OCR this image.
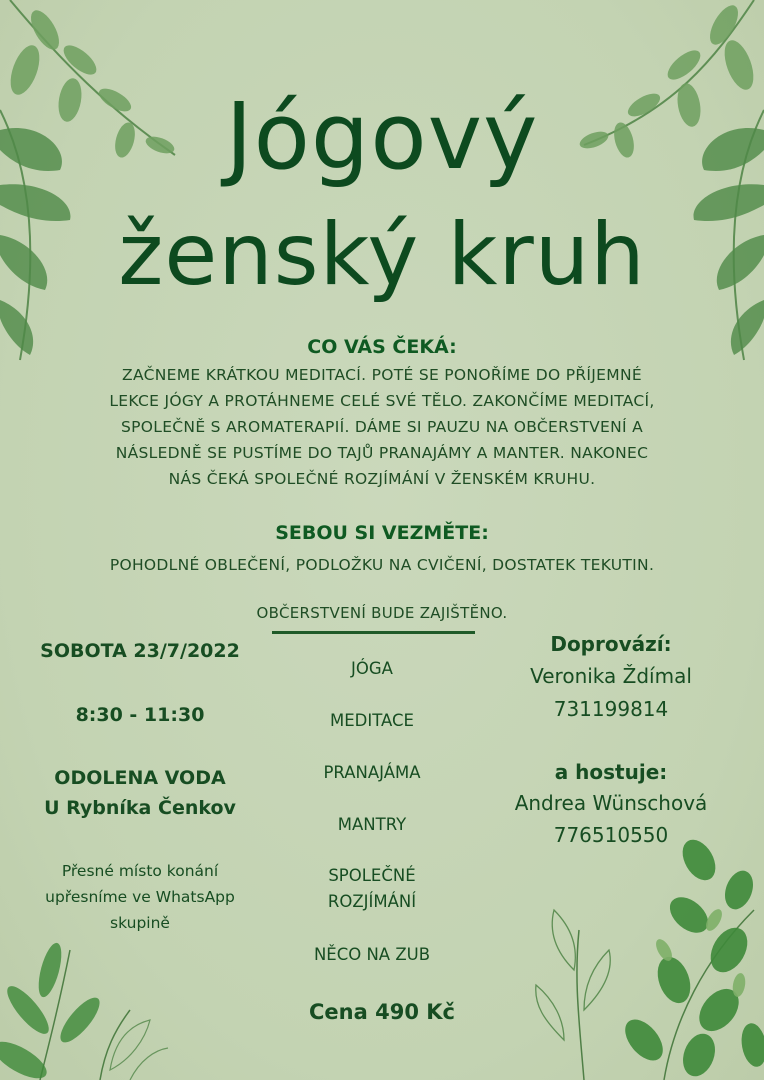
Jógový
ženský kruh
CO VÁS ČEKÁ:
ZAČNEME KRÁTKOU MEDITACÍ. POTÉ SE PONOŘÍME DO PŘÍJEMNÉ
LEKCE JÓGY A PROTÁHNEME CELÉ SVÉ TĚLO. ZAKONČÍME MEDITACÍ,
SPOLEČNĚ S AROMATERAPIÍ. DÁME SI PAUZU NA OBČERSTVENÍ A
NÁSLEDNĚ SE PUSTÍME DO TAJŮ PRANAJÁMY A MANTER. NAKONEC
NÁS ČEKÁ SPOLEČNÉ ROZJÍMÁNÍ V ŽENSKÉM KRUHU.
SEBOU SI VEZMĚTE:
POHODLNÉ OBLEČENÍ, PODLOŽKU NA CVIČENÍ, DOSTATEK TEKUTIN.
OBČERSTVENÍ BUDE ZAJIŠTĚNO.
SOBOTA 23/7/2022
8:30 - 11:30
ODOLENA VODA
U Rybníka Čenkov
Přesné místo konání
upřesníme ve WhatsApp
skupině
JÓGA
MEDITACE
PRANAJÁMA
MANTRY
SPOLEČNÉ
ROZJÍMÁNÍ
NĚCO NA ZUB
Doprovází:
Veronika Ždímal
731199814
a hostuje:
Andrea Wünschová
776510550
Cena 490 Kč
